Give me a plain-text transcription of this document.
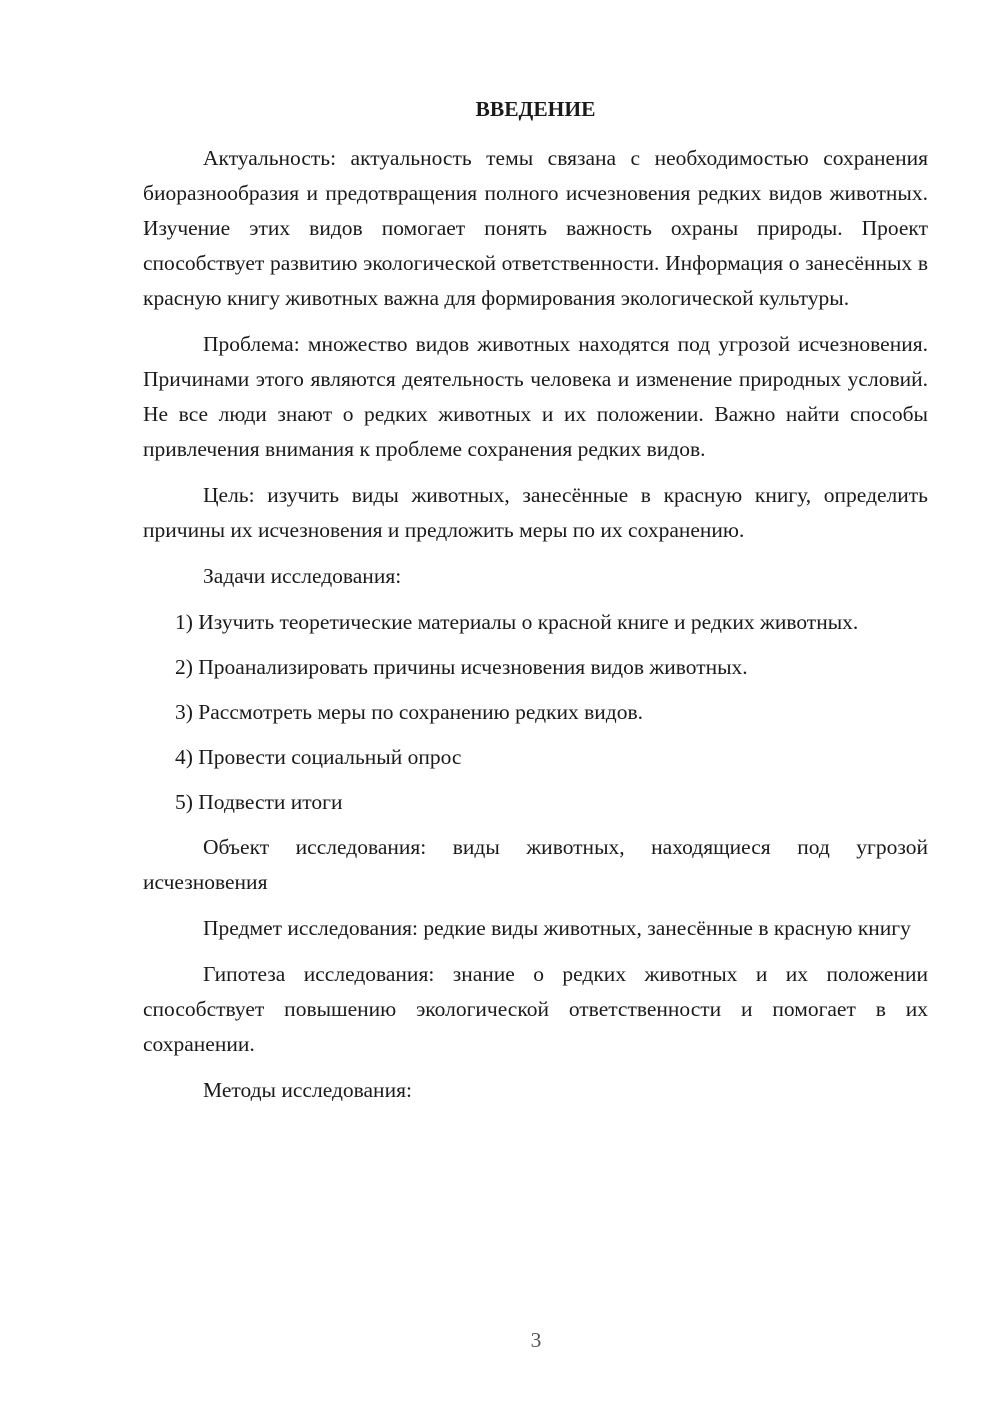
ВВЕДЕНИЕ

Актуальность: актуальность темы связана с необходимостью сохранения биоразнообразия и предотвращения полного исчезновения редких видов животных. Изучение этих видов помогает понять важность охраны природы. Проект способствует развитию экологической ответственности. Информация о занесённых в красную книгу животных важна для формирования экологической культуры.

Проблема: множество видов животных находятся под угрозой исчезновения. Причинами этого являются деятельность человека и изменение природных условий. Не все люди знают о редких животных и их положении. Важно найти способы привлечения внимания к проблеме сохранения редких видов.

Цель: изучить виды животных, занесённые в красную книгу, определить причины их исчезновения и предложить меры по их сохранению.

Задачи исследования:

1) Изучить теоретические материалы о красной книге и редких животных.

2) Проанализировать причины исчезновения видов животных.

3) Рассмотреть меры по сохранению редких видов.

4) Провести социальный опрос

5) Подвести итоги

Объект исследования: виды животных, находящиеся под угрозой исчезновения

Предмет исследования: редкие виды животных, занесённые в красную книгу

Гипотеза исследования: знание о редких животных и их положении способствует повышению экологической ответственности и помогает в их сохранении.

Методы исследования:

3
